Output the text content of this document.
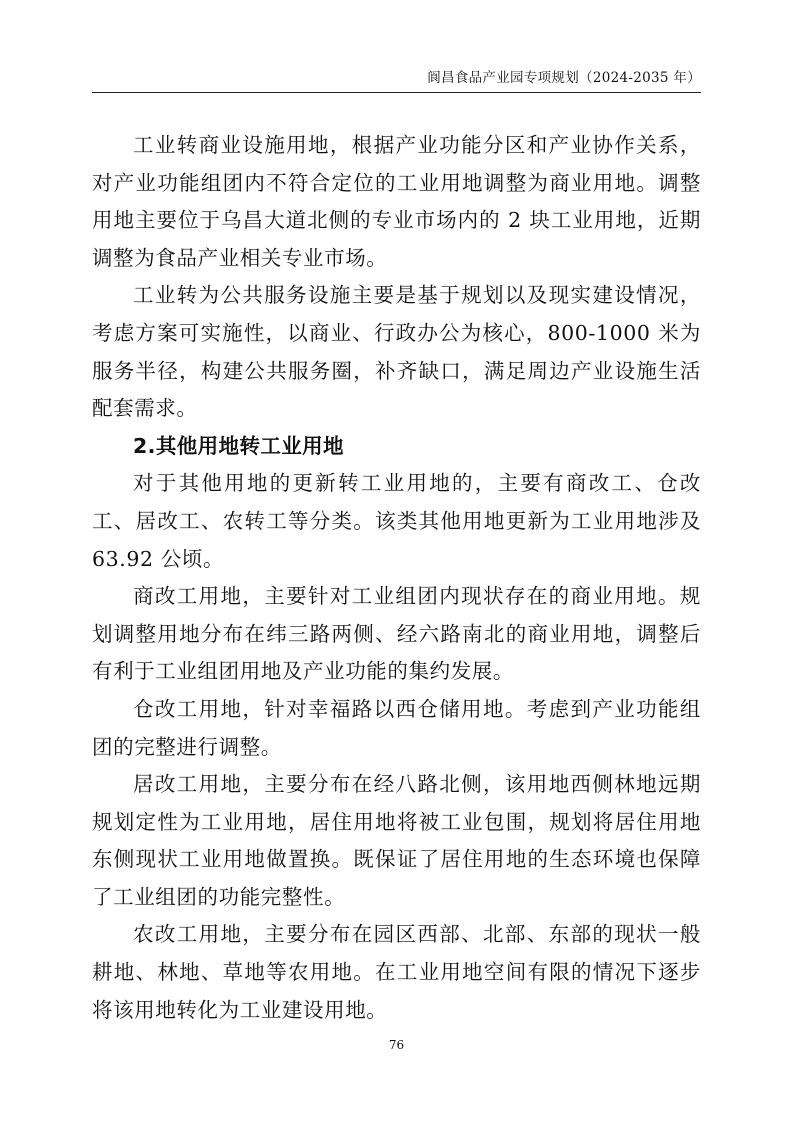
阆昌食品产业园专项规划（2024-2035 年）

工业转商业设施用地，根据产业功能分区和产业协作关系，对产业功能组团内不符合定位的工业用地调整为商业用地。调整用地主要位于乌昌大道北侧的专业市场内的 2 块工业用地，近期调整为食品产业相关专业市场。

工业转为公共服务设施主要是基于规划以及现实建设情况，考虑方案可实施性，以商业、行政办公为核心，800-1000 米为服务半径，构建公共服务圈，补齐缺口，满足周边产业设施生活配套需求。

2.其他用地转工业用地

对于其他用地的更新转工业用地的，主要有商改工、仓改工、居改工、农转工等分类。该类其他用地更新为工业用地涉及 63.92 公顷。

商改工用地，主要针对工业组团内现状存在的商业用地。规划调整用地分布在纬三路两侧、经六路南北的商业用地，调整后有利于工业组团用地及产业功能的集约发展。

仓改工用地，针对幸福路以西仓储用地。考虑到产业功能组团的完整进行调整。

居改工用地，主要分布在经八路北侧，该用地西侧林地远期规划定性为工业用地，居住用地将被工业包围，规划将居住用地东侧现状工业用地做置换。既保证了居住用地的生态环境也保障了工业组团的功能完整性。

农改工用地，主要分布在园区西部、北部、东部的现状一般耕地、林地、草地等农用地。在工业用地空间有限的情况下逐步将该用地转化为工业建设用地。

76
